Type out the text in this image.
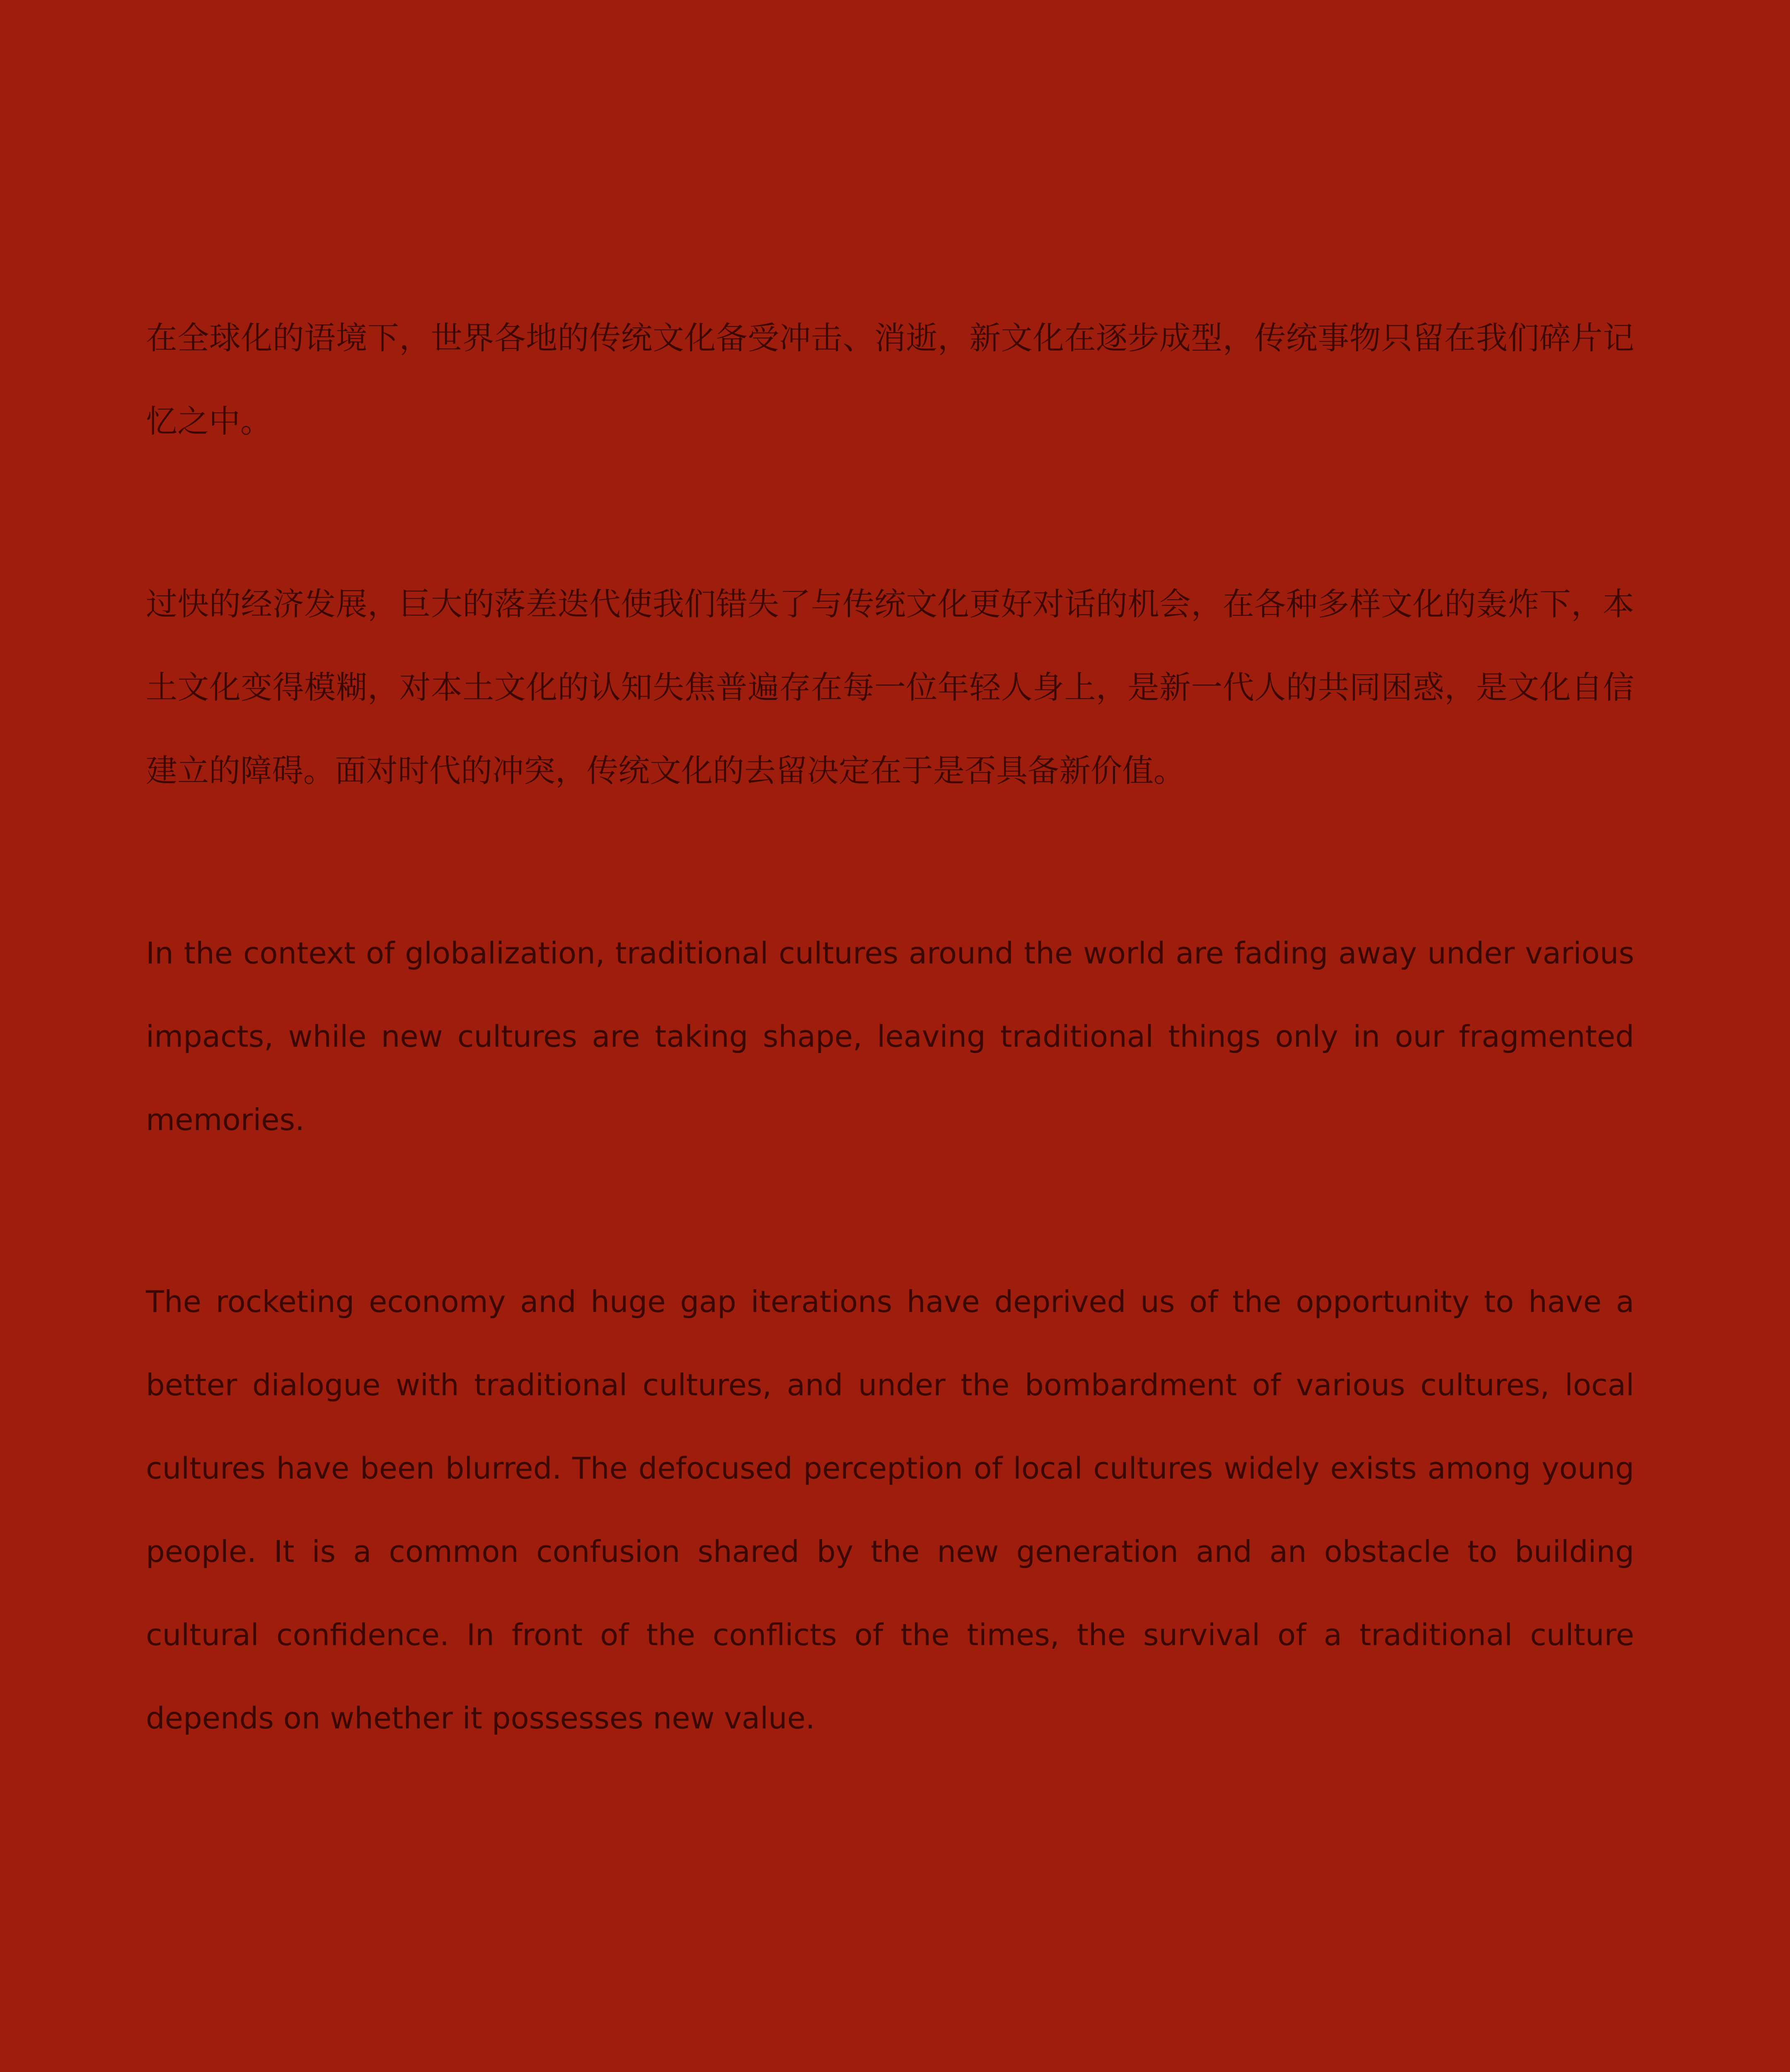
在全球化的语境下，世界各地的传统文化备受冲击、消逝，新文化在逐步成型，传统事物只留在我们碎片记忆之中。

过快的经济发展，巨大的落差迭代使我们错失了与传统文化更好对话的机会，在各种多样文化的轰炸下，本土文化变得模糊，对本土文化的认知失焦普遍存在每一位年轻人身上，是新一代人的共同困惑，是文化自信建立的障碍。面对时代的冲突，传统文化的去留决定在于是否具备新价值。

In the context of globalization, traditional cultures around the world are fading away under various impacts, while new cultures are taking shape, leaving traditional things only in our fragmented memories.

The rocketing economy and huge gap iterations have deprived us of the opportunity to have a better dialogue with traditional cultures, and under the bombardment of various cultures, local cultures have been blurred. The defocused perception of local cultures widely exists among young people. It is a common confusion shared by the new generation and an obstacle to building cultural confidence. In front of the conflicts of the times, the survival of a traditional culture depends on whether it possesses new value.
